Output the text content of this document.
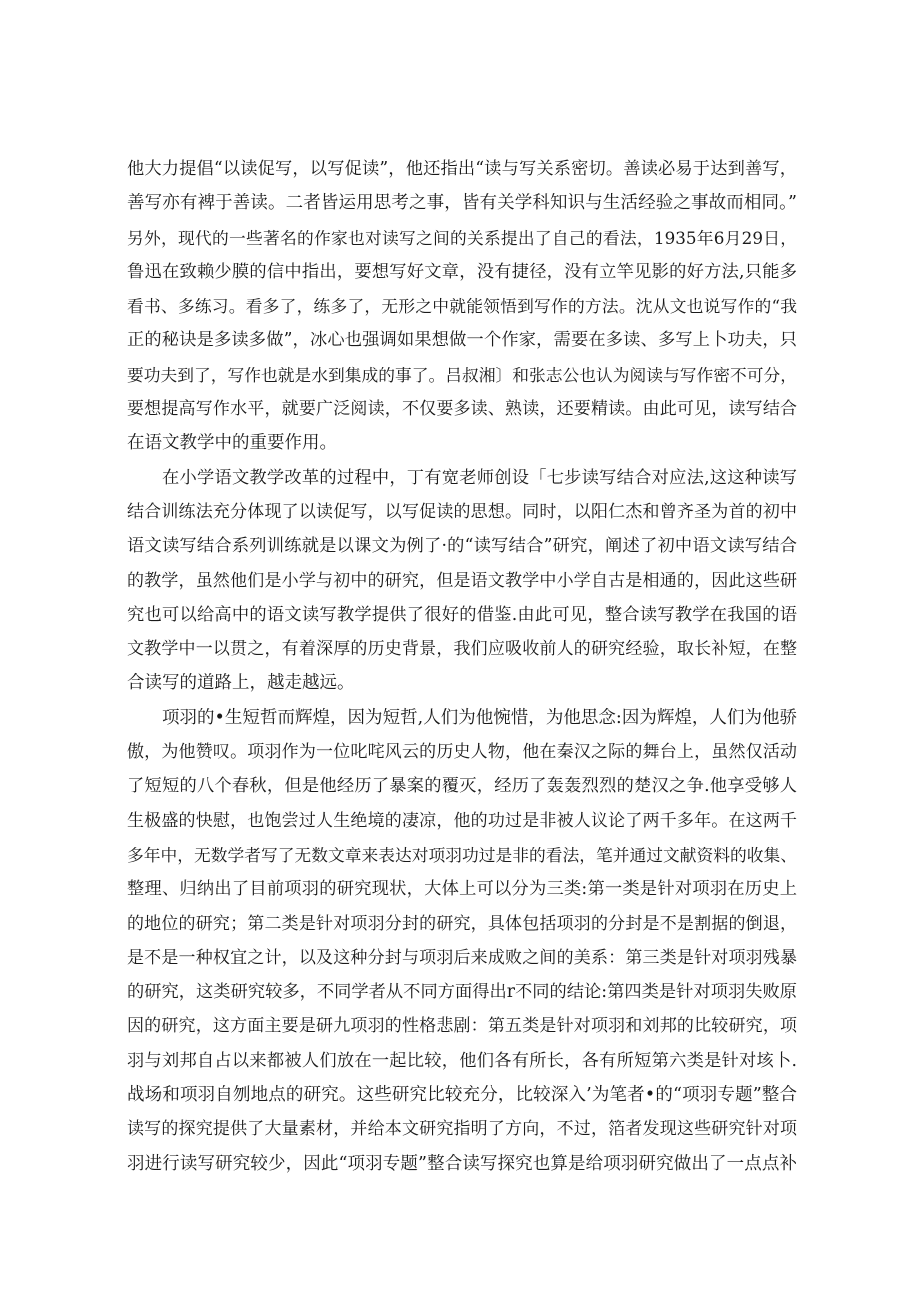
他大力提倡“以读促写，以写促读”，他还指出“读与写关系密切。善读必易于达到善写，
善写亦有裨于善读。二者皆运用思考之事，皆有关学科知识与生活经验之事故而相同。”
另外，现代的一些著名的作家也对读写之间的关系提出了自己的看法，1935年6月29日，
鲁迅在致赖少膜的信中指出，要想写好文章，没有捷径，没有立竿见影的好方法,只能多
看书、多练习。看多了，练多了，无形之中就能领悟到写作的方法。沈从文也说写作的“我
正的秘诀是多读多做”，冰心也强调如果想做一个作家，需要在多读、多写上卜功夫，只
要功夫到了，写作也就是水到集成的事了。吕叔湘〕和张志公也认为阅读与写作密不可分，
要想提高写作水平，就要广泛阅读，不仅要多读、熟读，还要精读。由此可见，读写结合
在语文教学中的重要作用。
在小学语文教学改革的过程中，丁有宽老师创设「七步读写结合对应法,这这种读写
结合训练法充分体现了以读促写，以写促读的思想。同时，以阳仁杰和曾齐圣为首的初中
语文读写结合系列训练就是以课文为例了·的“读写结合”研究，阐述了初中语文读写结合
的教学，虽然他们是小学与初中的研究，但是语文教学中小学自古是相通的，因此这些研
究也可以给高中的语文读写教学提供了很好的借鉴.由此可见，整合读写教学在我国的语
文教学中一以贯之，有着深厚的历史背景，我们应吸收前人的研究经验，取长补短，在整
合读写的道路上，越走越远。
项羽的•生短哲而辉煌，因为短哲,人们为他惋惜，为他思念:因为辉煌，人们为他骄
傲，为他赞叹。项羽作为一位叱咤风云的历史人物，他在秦汉之际的舞台上，虽然仅活动
了短短的八个春秋，但是他经历了暴案的覆灭，经历了轰轰烈烈的楚汉之争.他享受够人
生极盛的快慰，也饱尝过人生绝境的凄凉，他的功过是非被人议论了两千多年。在这两千
多年中，无数学者写了无数文章来表达对项羽功过是非的看法，笔并通过文献资料的收集、
整理、归纳出了目前项羽的研究现状，大体上可以分为三类:第一类是针对项羽在历史上
的地位的研究；第二类是针对项羽分封的研究，具体包括项羽的分封是不是割据的倒退，
是不是一种权宜之计，以及这种分封与项羽后来成败之间的美系：第三类是针对项羽残暴
的研究，这类研究较多，不同学者从不同方面得出r不同的结论:第四类是针对项羽失败原
因的研究，这方面主要是研九项羽的性格悲剧：第五类是针对项羽和刘邦的比较研究，项
羽与刘邦自占以来都被人们放在一起比较，他们各有所长，各有所短第六类是针对垓卜.
战场和项羽自刎地点的研究。这些研究比较充分，比较深入’为笔者•的“项羽专题”整合
读写的探究提供了大量素材，并给本文研究指明了方向，不过，箔者发现这些研究针对项
羽进行读写研究较少，因此“项羽专题”整合读写探究也算是给项羽研究做出了一点点补
